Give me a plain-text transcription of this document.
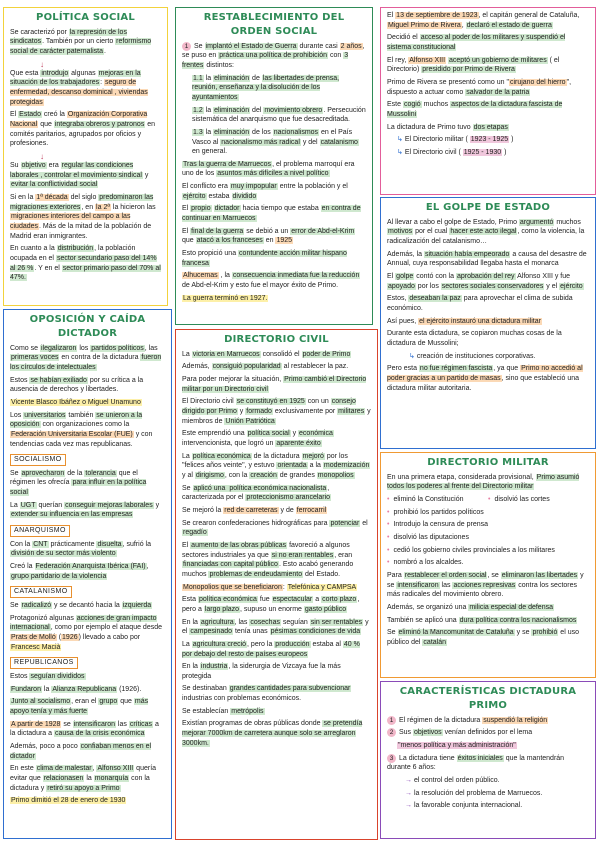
POLÍTICA SOCIAL
Se caracterizó por la represión de los sindicatos. También por un cierto reformismo social de carácter paternalista.
↓
Que esta introdujo algunas mejoras en la situación de los trabajadores: seguro de enfermedad, descanso dominical , viviendas protegidas
El Estado creó la Organización Corporativa Nacional que integraba obreros y patronos en comités paritarios, agrupados por oficios y profesiones.
↓
Su objetivo era regular las condiciones laborales , controlar el movimiento sindical y evitar la conflictividad social
Si en la 1ª década del siglo predominaron las migraciones exteriores, en la 2ª la hicieron las migraciones interiores del campo a las ciudades. Más de la mitad de la población de Madrid eran inmigrantes.
En cuanto a la distribución, la población ocupada en el sector secundario paso del 14% al 26 %. Y en el sector primario paso del 70% al 47%.
OPOSICIÓN Y CAÍDA DICTADOR
Como se ilegalizaron los partidos políticos, las primeras voces en contra de la dictadura fueron los círculos de intelectuales
Estos se habían exiliado por su crítica a la ausencia de derechos y libertades.
Vicente Blasco Ibáñez o Miguel Unamuno
Los universitarios también se unieron a la oposición con organizaciones como la Federación Universitaria Escolar (FUE) y con tendencias cada vez mas republicanas.
SOCIALISMO
Se aprovecharon de la tolerancia que el régimen les ofrecía para influir en la política social
La UGT querían conseguir mejoras laborales y extender su influencia en las empresas
ANARQUISMO
Con la CNT prácticamente disuelta, sufrió la división de su sector más violento
Creó la Federación Anarquista Ibérica (FAI), grupo partidario de la violencia
CATALANISMO
Se radicalizó y se decantó hacia la izquierda
Protagonizó algunas acciones de gran impacto internacional, como por ejemplo el ataque desde Prats de Molló (1926) llevado a cabo por Francesc Macià
REPUBLICANOS
Estos seguían divididos
Fundaron la Alianza Republicana (1926).
Junto al socialismo, eran el grupo que más apoyo tenía y más fuerte
A partir de 1928 se intensificaron las críticas a la dictadura a causa de la crisis económica
Además, poco a poco confiaban menos en el dictador
En este clima de malestar, Alfonso XIII quería evitar que relacionasen la monarquía con la dictadura y retiró su apoyo a Primo
Primo dimitió el 28 de enero de 1930
RESTABLECIMIENTO DEL ORDEN SOCIAL
1 Se implantó el Estado de Guerra durante casi 2 años, se puso en práctica una política de prohibición con 3 frentes distintos:
1.1 la eliminación de las libertades de prensa, reunión, enseñanza y la disolución de los ayuntamientos
1.2 la eliminación del movimiento obrero. Persecución sistemática del anarquismo que fue desacreditada.
1.3 la eliminación de los nacionalismos en el País Vasco al nacionalismo más radical y del catalanismo en general.
Tras la guerra de Marruecos, el problema marroquí era uno de los asuntos más difíciles a nivel político
El conflicto era muy impopular entre la población y el ejército estaba dividido
El propio dictador hacia tiempo que estaba en contra de continuar en Marruecos
El final de la guerra se debió a un error de Abd-el-Krim que atacó a los franceses en 1925
Esto propició una contundente acción militar hispano francesa
Alhucemas , la consecuencia inmediata fue la reducción de Abd-el-Krim y esto fue el mayor éxito de Primo.
La guerra terminó en 1927.
DIRECTORIO CIVIL
La victoria en Marruecos consolidó el poder de Primo
Además, consiguió popularidad al restablecer la paz.
Para poder mejorar la situación, Primo cambió el Directorio militar por un Directorio civil
El Directorio civil se constituyó en 1925 con un consejo dirigido por Primo y formado exclusivamente por militares y miembros de Unión Patriótica
Este emprendió una política social y económica intervencionista, que logró un aparente éxito
La política económica de la dictadura mejoró por los "felices años veinte", y estuvo orientada a la modernización y al dirigismo, con la creación de grandes monopolios
Se aplicó una política económica nacionalista, caracterizada por el proteccionismo arancelario
Se mejoró la red de carreteras y de ferrocarril
Se crearon confederaciones hidrográficas para potenciar el regadío
El aumento de las obras públicas favoreció a algunos sectores industriales ya que si no eran rentables, eran financiadas con capital público. Esto acabó generando muchos problemas de endeudamiento del Estado.
Monopolios que se beneficiaron: Telefónica y CAMPSA
Esta política económica fue espectacular a corto plazo, pero a largo plazo, supuso un enorme gasto público
En la agricultura, las cosechas seguían sin ser rentables y el campesinado tenía unas pésimas condiciones de vida
La agricultura creció, pero la producción estaba al 40 % por debajo del resto de países europeos
En la industria, la siderurgia de Vizcaya fue la más protegida
Se destinaban grandes cantidades para subvencionar industrias con problemas económicos.
Se establecían metrópolis
Existían programas de obras públicas donde se pretendía mejorar 7000km de carretera aunque solo se arreglaron 3000km.
El 13 de septiembre de 1923, el capitán general de Cataluña, Miguel Primo de Rivera, declaró el estado de guerra
Decidió el acceso al poder de los militares y suspendió el sistema constitucional
El rey, Alfonso XIII aceptó un gobierno de militares ( el Directorio) presidido por Primo de Rivera
Primo de Rivera se presentó como un "cirujano del hierro", dispuesto a actuar como salvador de la patria
Este cogió muchos aspectos de la dictadura fascista de Mussolini
La dictadura de Primo tuvo dos etapas
↳ El Directorio militar ( 1923 - 1925 )
↳ El Directorio civil ( 1925 - 1930 )
EL GOLPE DE ESTADO
Al llevar a cabo el golpe de Estado, Primo argumentó muchos motivos por el cual hacer este acto ilegal, como la violencia, la radicalización del catalanismo…
Además, la situación había empeorado a causa del desastre de Annual, cuya responsabilidad llegaba hasta el monarca
El golpe contó con la aprobación del rey Alfonso XIII y fue apoyado por los sectores sociales conservadores y el ejército
Estos, deseaban la paz para aprovechar el clima de subida económico.
Así pues, el ejército instauró una dictadura militar
Durante esta dictadura, se copiaron muchas cosas de la dictadura de Mussolini;
↳ creación de instituciones corporativas.
Pero esta no fue régimen fascista, ya que Primo no accedió al poder gracias a un partido de masas, sino que estableció una dictadura militar autoritaria.
DIRECTORIO MILITAR
En una primera etapa, considerada provisional, Primo asumió todos los poderes al frente del Directorio militar
• eliminó la Constitución	• disolvió las cortes
• prohibió los partidos políticos
• Introdujo la censura de prensa
• disolvió las diputaciones
• cedió los gobierno civiles provinciales a los militares
• nombró a los alcaldes.
Para restablecer el orden social, se eliminaron las libertades y se intensificaron las acciones represivas contra los sectores más radicales del movimiento obrero.
Además, se organizó una milicia especial de defensa
También se aplicó una dura política contra los nacionalismos
Se eliminó la Mancomunitat de Cataluña y se prohibió el uso público del catalán
CARACTERÍSTICAS DICTADURA PRIMO
1 El régimen de la dictadura suspendió la religión
2 Sus objetivos venían definidos por el lema
"menos política y más administración"
3 La dictadura tiene éxitos iniciales que la mantendrán durante 6 años:
→ el control del orden público.
→ la resolución del problema de Marruecos.
→ la favorable conjunta internacional.
